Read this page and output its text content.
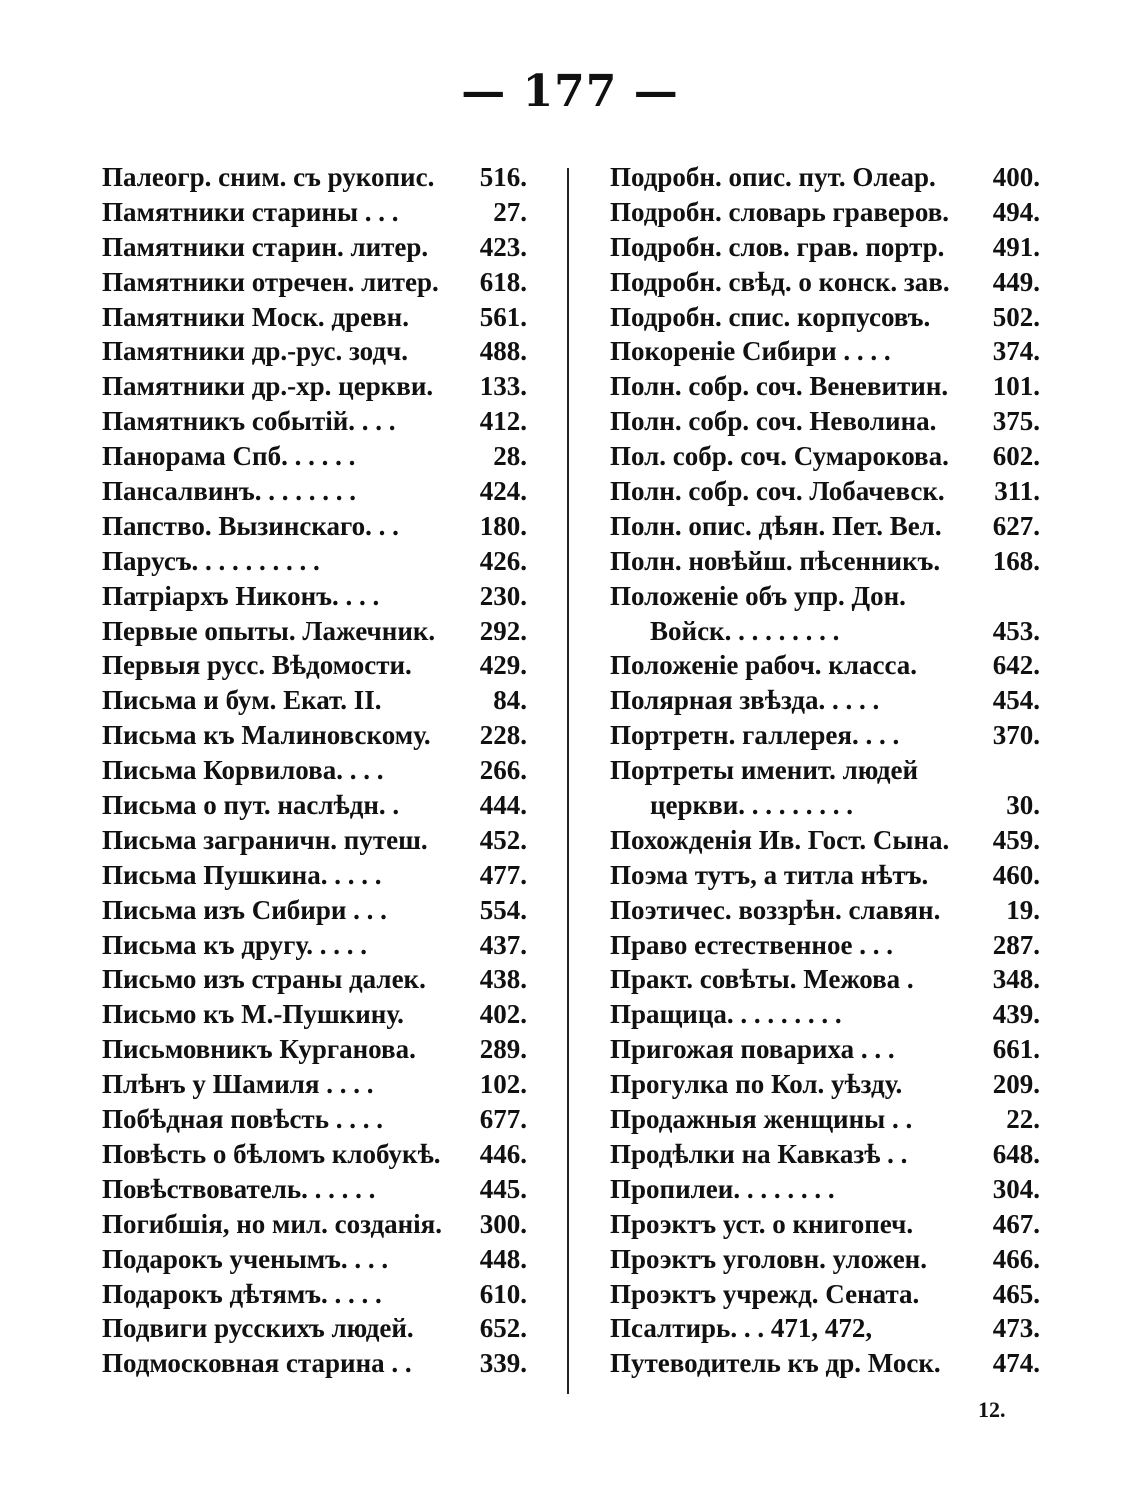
— 177 —
Палеогр. сним. съ рукопис.	516.
Памятники старины . . .	27.
Памятники старин. литер.	423.
Памятники отречен. литер.	618.
Памятники Моск. древн.	561.
Памятники др.-рус. зодч.	488.
Памятники др.-хр. церкви.	133.
Памятникъ событій. . . .	412.
Панорама Спб. . . . . .	28.
Пансалвинъ. . . . . . . .	424.
Папство. Вызинскаго. . .	180.
Парусъ. . . . . . . . . .	426.
Патріархъ Никонъ. . . .	230.
Первые опыты. Лажечник.	292.
Первыя русс. Вѣдомости.	429.
Письма и бум. Екат. II.	84.
Письма къ Малиновскому.	228.
Письма Корвилова. . . .	266.
Письма о пут. наслѣдн. .	444.
Письма заграничн. путеш.	452.
Письма Пушкина. . . . .	477.
Письма изъ Сибири . . .	554.
Письма къ другу. . . . .	437.
Письмо изъ страны далек.	438.
Письмо къ М.-Пушкину.	402.
Письмовникъ Курганова.	289.
Плѣнъ у Шамиля . . . .	102.
Побѣдная повѣсть . . . .	677.
Повѣсть о бѣломъ клобукѣ.	446.
Повѣствователь. . . . . .	445.
Погибшія, но мил. созданія.	300.
Подарокъ ученымъ. . . .	448.
Подарокъ дѣтямъ. . . . .	610.
Подвиги русскихъ людей.	652.
Подмосковная старина . .	339.
Подробн. опис. пут. Олеар.	400.
Подробн. словарь граверов.	494.
Подробн. слов. грав. портр.	491.
Подробн. свѣд. о конск. зав.	449.
Подробн. спис. корпусовъ.	502.
Покореніе Сибири . . . .	374.
Полн. собр. соч. Веневитин.	101.
Полн. собр. соч. Неволина.	375.
Пол. собр. соч. Сумарокова.	602.
Полн. собр. соч. Лобачевск.	311.
Полн. опис. дѣян. Пет. Вел.	627.
Полн. новѣйш. пѣсенникъ.	168.
Положеніе объ упр. Дон.
Войск. . . . . . . . .	453.
Положеніе рабоч. класса.	642.
Полярная звѣзда. . . . .	454.
Портретн. галлерея. . . .	370.
Портреты именит. людей
церкви. . . . . . . . .	30.
Похожденія Ив. Гост. Сына.	459.
Поэма тутъ, а титла нѣтъ.	460.
Поэтичес. воззрѣн. славян.	19.
Право естественное . . .	287.
Практ. совѣты. Межова .	348.
Пращица. . . . . . . . .	439.
Пригожая повариха . . .	661.
Прогулка по Кол. уѣзду.	209.
Продажныя женщины . .	22.
Продѣлки на Кавказѣ . .	648.
Пропилеи. . . . . . . .	304.
Проэктъ уст. о книгопеч.	467.
Проэктъ уголовн. уложен.	466.
Проэктъ учрежд. Сената.	465.
Псалтирь. . . 471, 472,	473.
Путеводитель къ др. Моск.	474.
12.
